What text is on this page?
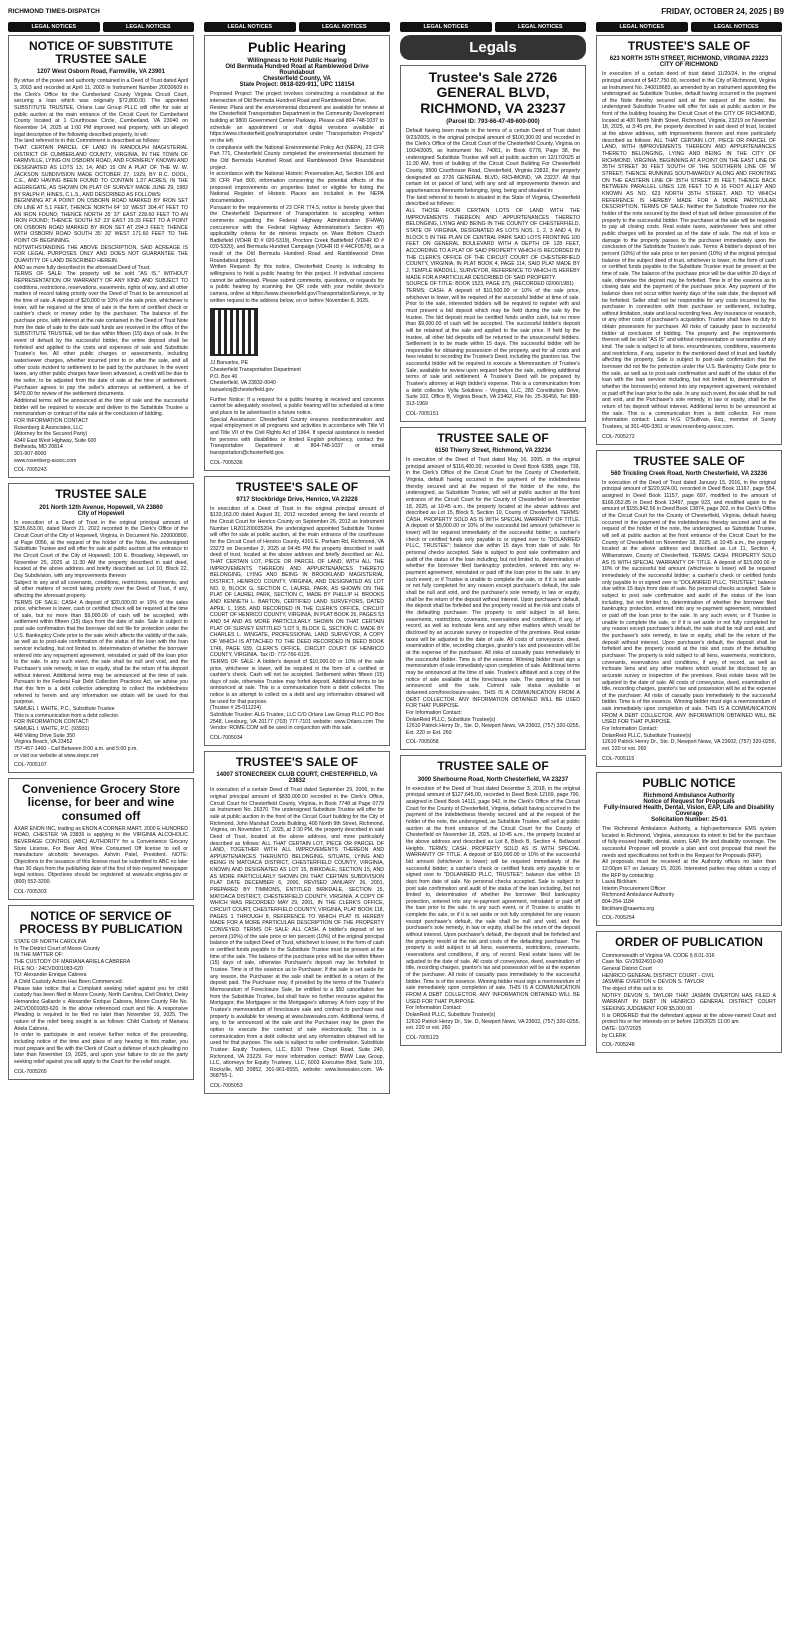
RICHMOND TIMES-DISPATCH	FRIDAY, OCTOBER 24, 2025 | B9
LEGAL NOTICES	LEGAL NOTICES
NOTICE OF SUBSTITUTE TRUSTEE SALE
1207 West Osborn Road, Farmville, VA 23901

By virtue of the power and authority contained in a Deed of Trust dated April 3, 2003 and recorded at April 11, 2003 in Instrument Number 20030609 in the Clerk's Office for the Cumberland County Virginia Circuit Court, securing a loan which was originally $72,800.00. The appointed SUBSTITUTE TRUSTEE, Orlans Law Group PLLC will offer for sale at public auction at the main entrance of the Circuit Court for Cumberland County located at 1 Courthouse Circle, Cumberland, VA 23040 on November 14, 2025 at 1:00 PM improved real property, with an alleged legal description of the following described property, to wit:
The land referred to in this Commitment is described as follows:
THAT CERTAIN PARCEL OF LAND IN RANDOLPH MAGISTERIAL DISTRICT OF CUMBERLAND COUNTY, VIRGINIA, IN THE TOWN OF FARMVILLE, LYING ON OSBORN ROAD, AND FORMERLY KNOWN AND DESIGNATED AS LOTS 13, 14, AND 15 ON A PLAT OF THE W. W. JACKSON SUBDIVISION MADE OCTOBER 27, 1929, BY R.C. DOOL, C.E., AND HAVING BEEN FOUND TO CONTAIN 1.37 ACRES, IN THE AGGREGATE, AS SHOWN ON PLAT OF SURVEY MADE JUNE 29, 1982 BY RALPH P. HINES, C.L.S., AND DESCRIBED AS FOLLOWS:
BEGINNING AT A POINT ON OSBORN ROAD MARKED BY IRON SET ON LINE AT 5.1 FEET, THENCE NORTH 64' 10' WEST 304.47 FEET TO AN IRON FOUND; THENCE NORTH 35' 37' EAST 228.60 FEET TO AN IRON FOUND; THENCE SOUTH 52' 23' EAST 29.33 FEET TO A POINT ON OSBORN ROAD MARKED BY IRON SET AT 294.3 FEET; THENCE WITH OSBORN ROAD SOUTH 35' 32' WEST 171.60 FEET TO THE POINT OF BEGINNING.
NOTWITHSTANDING THE ABOVE DESCRIPTION, SAID ACREAGE IS FOR LEGAL PURPOSES ONLY AND DOES NOT GUARANTEE THE QUANTITY OF LAND DESCRIBED HEREIN.
AND as more fully described in the aforesaid Deed of Trust.
TERMS OF SALE: The property will be sold "AS IS," WITHOUT REPRESENTATION OR WARRANTY OF ANY KIND AND SUBJECT TO conditions, restrictions, reservations, easements, rights of way, and all other matters of record taking priority over the Deed of Trust to be announced at the time of sale. A deposit of $20,000 or 10% of the sale price, whichever is lower, will be required at the time of sale in the form of certified check or cashier's check or money order by the purchaser. The balance of the purchase price, with interest at the rate contained in the Deed of Trust Note from the date of sale to the date said funds are received in the office of the SUBSTITUTE TRUSTEE, will be due within fifteen (15) days of sale. In the event of default by the successful bidder, the entire deposit shall be forfeited and applied to the costs and expenses of sale and Substitute Trustee's fee. All other public charges or assessments, including water/sewer charges, whether incurred prior to or after the sale, and all other costs incident to settlement to be paid by the purchaser. In the event taxes, any other public charges have been advanced, a credit will be due to the seller, to be adjusted from the date of sale at the time of settlement. Purchaser agrees to pay the seller's attorneys at settlement, a fee of $470.00 for review of the settlement documents.
Additional terms will be announced at the time of sale and the successful bidder will be required to execute and deliver to the Substitute Trustee a memorandum or contract of the sale at the conclusion of bidding.
FOR INFORMATION CONTACT
Rosenberg & Associates, LLC
(Attorney for the Secured Party)
4340 East West Highway, Suite 600
Bethesda, MD 20814
301-907-8000
www.rosenberg-assoc.com

COL-7005243
TRUSTEE SALE
201 North 12th Avenue, Hopewell, VA 23860
City of Hopewell

In execution of a Deed of Trust in the original principal amount of $235,653.00, dated March 21, 2022 recorded in the Clerk's Office of the Circuit Court of the City of Hopewell, Virginia, in Document No. 220000800, at Page 0056, at the request of the holder of the Note, the undersigned Substitute Trustee and will offer for sale at public auction at the entrance to the Circuit Court of the City of Hopewell, 100 E. Broadway, Hopewell, on November 25, 2025 at 11:30 AM the property described in said deed, located at the above address and briefly described as: Lot 10, Block 22, Day Subdivision, with any improvements thereon
Subject to any and all covenants, conditions, restrictions, easements, and all other matters of record taking priority over the Deed of Trust, if any, affecting the aforesaid property.
TERMS OF SALE: CASH: A deposit of $20,000.00 or 10% of the sales price, whichever is lower, cash or certified check will be required at the time of sale, but no more than $9,000.00 of cash will be accepted, with settlement within fifteen (15) days from the date of sale. Sale is subject to post sale confirmation that the borrower did not file for protection under the U.S. Bankruptcy Code prior to the sale which affects the validity of the sale, as well as to post-sale confirmation of the status of the loan with the loan servicer including, but not limited to, determination of whether the borrower entered into any repayment agreement, reinstated or paid off the loan prior to the sale. In any such event, the sale shall be null and void, and the Purchaser's sole remedy, in law or equity, shall be the return of his deposit without interest. Additional terms may be announced at the time of sale. Pursuant to the Federal Fair Debt Collection Practices Act, we advise you that this firm is a debt collector attempting to collect the indebtedness referred to herein and any information we obtain will be used for that purpose.
SAMUEL I. WHITE, P.C., Substitute Trustee
This is a communication from a debt collector.
FOR INFORMATION CONTACT:
SAMUEL I. WHITE, P.C. (93931)
448 Viking Drive Suite 350
Virginia Beach, VA 23452
757-457-1460 - Call Between 9:00 a.m. and 5:00 p.m.
or visit our website at www.siwpc.net

COL-7005107
Convenience Grocery Store license, for beer and wine consumed off

AXAR ENON INC, trading as ENON A CORNER MART, 2000 E HUNDRED ROAD, CHESTER VA 23836 is applying to the VIRGINIA ALCOHOLIC BEVERAGE CONTROL (ABC) AUTHORITY for a Convenience Grocery Store License, For Beer And Wine Consumed Off license to sell or manufacture alcoholic beverages. Ashvin Patel, President. NOTE: Objections to the issuance of this license must be submitted to ABC no later than 30 days from the publishing date of the first of two required newspaper legal notices. Objections should be registered at www.abc.virginia.gov or (800) 552-3200.

COL-7005303
NOTICE OF SERVICE OF PROCESS BY PUBLICATION

STATE OF NORTH CAROLINA
In The District Court of Moore County
IN THE MATTER OF:
THE CUSTODY OF MARIANA ARIELA CABRERA
FILE NO.: 24CVD001083-620
TO: Alexander Enrique Cabrera
A Child Custody Action Has Been Commenced:
Please take notice that a Complaint seeking relief against you for child custody has been filed in Moore County, North Carolina, Civil District, Deisy Hernandez Gallardo v. Alexander Enrique Cabrera, Moore County File No. 24CVD001083-620. In the above referenced court and file. A responsive Pleading is required to be filed no later than November 19, 2025. The nature of the relief being sought is as follows: Child Custody of Mariana Ariela Cabrera.
In order to participate in and receive further notice of the proceeding, including notice of the time and place of any hearing in this matter, you must prepare and file with the Clerk of Court a defense of such pleading no later than November 19, 2025, and upon your failure to do so the party seeking relief against you will apply to the Court for the relief sought.

COL-7005265
LEGAL NOTICES	LEGAL NOTICES
Public Hearing
Willingness to Hold Public Hearing
Old Bermuda Hundred Road at Ramblewood Drive Roundabout
Chesterfield County, VA
State Project: 0618-020-911, UPC 118154

Proposed Project: The project involves constructing a roundabout at the intersection of Old Bermuda Hundred Road and Ramblewood Drive.
Review: Plans and the environmental document are available for review at the Chesterfield Transportation Department in the Community Development building at 9800 Government Center Parkway. Please call 804-748-1037 to schedule an appointment or visit digital versions available at https://www.chesterfield.gov/transportation under "Transportation Projects" on the left.
In compliance with the National Environmental Policy Act (NEPA), 23 CFR Part 771, Chesterfield County completed the environmental document for the Old Bermuda Hundred Road and Ramblewood Drive Roundabout project.
In accordance with the National Historic Preservation Act, Section 106 and 36 CFR Part 800, information concerning the potential effects of the proposed improvements on properties listed or eligible for listing the National Register of Historic Places are included in the NEPA documentation.
Pursuant to the requirements of 23 CFR 774.5, notice is hereby given that the Chesterfield Department of Transportation is accepting written comments regarding the Federal Highway Administration (FHWA) concurrence with the Federal Highway Administration's Section 4(f) applicability criteria for de minimis impacts on Ware Bottom Church Battlefield (VDHR ID # 020-5319), Proctors Creek Battlefield (VDHR ID # 020-5320), and Bermuda Hundred Campaign (VDHR ID # 44CF0578), as a result of the Old Bermuda Hundred Road and Ramblewood Drive Roundabout project.
Written Request: By this notice, Chesterfield County is indicating its willingness to hold a public hearing for this project. If individual concerns cannot be addressed. Please submit comments, questions, or requests for a public hearing by scanning the QR code with your mobile device's camera, online at https://www.chesterfield.gov/TransportationSurveys, or by written request to the address below, on or before November 8, 2025.

JJ Banuelos, PE
Chesterfield Transportation Department
P.O. Box 40
Chesterfield, VA 23832-0040
banuelosj@chesterfield.gov

Further Notice: If a request for a public hearing is received and concerns cannot be adequately resolved, a public hearing will be scheduled at a time and place to be advertised in a future notice.
Special Assistance: Chesterfield County ensures nondiscrimination and equal employment in all programs and activities in accordance with Title VI and Title VII of the Civil Rights Act of 1964. If special assistance is needed for persons with disabilities or limited English proficiency, contact the Transportation Department at 804-748-1037 or email transportation@chesterfield.gov.

COL-7005336
TRUSTEE'S SALE OF
9717 Stockbridge Drive, Henrico, VA 23228

In execution of a Deed of Trust in the original principal amount of $133,163.00 dated August 31, 2012 recorded among the land records of the Circuit Court for Henrico County on September 26, 2012 as Instrument Number LR201200035204, the undersigned appointed Substitute Trustee will offer for sale at public auction, at the main entrance of the courthouse for the Circuit Court of Henrico County, 4301 E. Parham Rd, Richmond, VA 23273 on December 2, 2025 at 04:45 PM the property described in said deed of trust, located at the above address and briefly described as: ALL THAT CERTAIN LOT, PIECE OR PARCEL OF LAND, WITH ALL THE IMPROVEMENTS THEREON AND APPURTENANCES THERETO BELONGING, LYING AND BEING IN BROOKLAND MAGISTERIAL DISTRICT, HENRICO COUNTY, VIRGINIA, AND DESIGNATED AS LOT NO. 9, BLOCK G, SECTION C, LAUREL PARK, AS SHOWN ON THE PLAT OF LAUREL PARK, SECTION C, MADE BY PHILLIP H. BROOKS AND KENNETH L. BARTON, CERTIFIED LAND SURVEYORS, DATED APRIL 1, 1955, AND RECORDED IN THE CLERK'S OFFICE, CIRCUIT COURT OF HENRICO COUNTY, VIRGINIA, IN PLAT BOOK 26, PAGES 53 AND 54 AND AS MORE PARTICULARLY SHOWN ON THAT CERTAIN PLAT OF SURVEY ENTITLED "LOT 9, BLOCK G, SECTION C, MADE BY CHARLES L. WINGATE, PROFESSIONAL LAND SURVEYOR, A COPY OF WHICH IS ATTACHED TO THE DEED RECORDED IN DEED BOOK 1746, PAGE 939, CLERK'S OFFICE, CIRCUIT COURT OF HENRICO COUNTY, VIRGINIA. Tax ID: 772-766-6125.
TERMS OF SALE: A bidder's deposit of $10,000.00 or 10% of the sale price, whichever is lower, will be required in the form of a certified or cashier's check. Cash will not be accepted. Settlement within fifteen (15) days of sale, otherwise Trustee may forfeit deposit. Additional terms to be announced at sale. This is a communication from a debt collector. This notice is an attempt to collect on a debt and any information obtained will be used for that purpose.
(Trustee # 25-011224)
Substitute Trustee: ALG Trustee, LLC C/O Orlans Law Group PLLC PO Box 2548, Leesburg, VA 20177 (703) 777-7101 website: www.Orlans.com The Vendor: ROME.COM will be used in conjunction with this sale.

COL-7005034
TRUSTEE'S SALE OF
14007 STONECREEK CLUB COURT, CHESTERFIELD, VA 23832

In execution of a certain Deed of Trust dated September 29, 2006, in the original principal amount of $830,000.00 recorded in the Clerk's Office, Circuit Court for Chesterfield County, Virginia, in Book 7748 at Page 0779 as Instrument No. 26370. The undersigned Substitute Trustee will offer for sale at public auction in the front of the Circuit Court building for the City of Richmond, John Marshall Courts Building, 400 North 9th Street, Richmond, Virginia, on November 17, 2025, at 2:30 PM, the property described in said Deed of Trust, located at the above address, and more particularly described as follows: ALL THAT CERTAIN LOT, PIECE OR PARCEL OF LAND, TOGETHER WITH ALL IMPROVEMENTS THEREON AND APPURTENANCES THERUNTO BELONGING, SITUATE, LYING AND BEING IN MATOACA DISTRICT, CHESTERFIELD COUNTY, VIRGINIA, KNOWN AND DESIGNATED AS LOT 15, BIRKDALE, SECTION 15, AND AS MORE PARTICULARLY SHOWN ON THAT CERTAIN SUBDIVISION PLAT DATE DECEMBER 6, 2000, REVISED JANUARY 26, 2001, PREPARED BY TIMMONS, ENTITLED BIRKDALE, SECTION 15, MATOACA DISTRICT, CHESTERFIELD COUNTY, VIRGINIA. A COPY OF WHICH WAS RECORDED MAY 29, 2001, IN THE CLERK'S OFFICE, CIRCUIT COURT, CHESTERFIELD COUNTY, VIRGINIA, PLAT BOOK 118, PAGES 1 THROUGH 8, REFERENCE TO WHICH PLAT IS HEREBY MADE FOR A MORE PARTICULAR DESCRIPTION OF THE PROPERTY CONVEYED. TERMS OF SALE: ALL CASH. A bidder's deposit of ten percent (10%) of the sale price or ten percent (10%) of the original principal balance of the subject Deed of Trust, whichever is lower, in the form of cash or certified funds payable to the Substitute Trustee must be present at the time of the sale. The balance of the purchase price will be due within fifteen (15) days of sale, otherwise Purchaser's deposit may be forfeited to Trustee. Time is of the essence as to Purchaser. If the sale is set aside for any reason, the Purchaser at the sale shall be entitled to a return of the deposit paid. The Purchaser may, if provided by the terms of the Trustee's Memorandum of Foreclosure Sale, be entitled to a $50 cancellation fee from the Substitute Trustee, but shall have no further recourse against the Mortgagor, the Mortgagee or the Mortgagee's attorney. A form copy of the Trustee's memorandum of foreclosure sale and contract to purchase real property is available for viewing at www.bwwsales.com. Additional terms, if any, to be announced at the sale and the Purchaser may be given the option to execute the contract of sale electronically. This is a communication from a debt collector and any information obtained will be used for that purpose. The sale is subject to seller confirmation. Substitute Trustee: Equity Trustees, LLC, 8100 Three Chopt Road, Suite 240, Richmond, VA 23229. For more information contact: BWW Law Group, LLC, attorneys for Equity Trustees, LLC, 6003 Executive Blvd, Suite 101, Rockville, MD 20852, 301-961-6555, website: www.bwwsales.com. VA-368755-1.

COL-7005053
LEGAL NOTICES	LEGAL NOTICES
Legals
Trustee's Sale 2726 GENERAL BLVD, RICHMOND, VA 23237
(Parcel ID: 793-66-47-49-600-000)

Default having been made in the terms of a certain Deed of Trust dated 9/23/2005, in the original principal amount of $100,300.00 and recorded in the Clerk's Office of the Circuit Court of the Chesterfield County, Virginia on 10/24/2005, as Instrument No. 74061, in Book 6778, Page 38, the undersigned Substitute Trustee will sell at public auction on 12/17/2025 at 11:30 AM, front of building of the Circuit Court Building For Chesterfield County, 9500 Courthouse Road, Chesterfield, Virginia 23832, the property designated as 2726 GENERAL BLVD, RICHMOND, VA 23237. All that certain lot or parcel of land, with any and all improvements thereon and appurtenances thereunto belonging, lying, being and situated in:
The land referred to herein is situated in the State of Virginia, Chesterfield described as follows:
ALL THOSE FOUR CERTAIN LOTS OF LAND WITH THE IMPROVEMENTS THEREON AND APPURTENANCES THERETO BELONGING, LYING AND BEING IN THE COUNTY OF CHESTERFIELD, STATE OF VIRGINIA, DESIGNATED AS LOTS NOS. 1, 2, 3 AND 4, IN BLOCK 5 IN THE PLAN OF CENTRAL PARK SAID LOTS FRONTING 100 FEET ON GENERAL BOULEVARD WITH A DEPTH OF 128 FEET, ACCORDING TO A PLAT OF SAID PROPERTY WHICH IS RECORDED IN THE CLERK'S OFFICE OF THE CIRCUIT COURT OF CHESTERFIELD COUNTY, VIRGINIA, IN PLAT BOOK 4, PAGE 114, SAID PLAT MADE BY J. TEMPLE WADDILL, SURVEYOR, REFERENCE TO WHICH IS HEREBY MADE FOR A PARTICULAR DESCRIBED OF SAID PROPERTY.
SOURCE OF TITLE: BOOK 1523, PAGE 375, (RECORDED 02/06/1981)
TERMS: CASH. A deposit of $10,500.00 or 10% of the sale price, whichever is lower, will be required of the successful bidder at time of sale. Prior to the sale, interested bidders will be required to register with and must present a bid deposit which may be held during the sale by the trustee. The bid deposit must be certified funds and/or cash, but no more than $9,000.00 of cash will be accepted. The successful bidder's deposit will be retained at the sale and applied to the sale price. If held by the trustee, all other bid deposits will be returned to the unsuccessful bidders. Settlement is to be made within 15 days. The successful bidder will be responsible for obtaining possession of the property, and for all costs and fees related to recording the Trustee's Deed, including the grantors tax. The successful bidder will be required to execute a Memorandum of Trustee's Sale, available for review upon request before the sale, outlining additional terms of sale and settlement. A Trustee's Deed will be prepared by Trustee's attorney at High bidder's expense. This is a communication from a debt collector. Vylla Solutions - Virginia, LLC, 283 Constitution Drive, Suite 102, Office B, Virginia Beach, VA 23462, File No. 25-36456, Tel: 888-313-1969

COL-7005151
TRUSTEE SALE OF
6150 Thierry Street, Richmond, VA 23234

In execution of the Deed of Trust dated May 16, 2005, in the original principal amount of $116,400.00, recorded in Deed Book 6388, page 739, in the Clerk's Office of the Circuit Court for the County of Chesterfield, Virginia, default having occurred in the payment of the indebtedness thereby secured and at the request of the holder of the note, the undersigned, as Substitute Trustee, will sell at public auction at the front entrance of the Circuit Court for the County of Chesterfield on November 18, 2025, at 10:45 a.m., the property located at the above address and described as Lot 15, Block 5, Section 10, County of Chesterfield. TERMS: CASH. PROPERTY SOLD AS IS WITH SPECIAL WARRANTY OF TITLE. A deposit of $5,000.00 or 10% of the successful bid amount (whichever is lower) will be required immediately of the successful bidder; a cashier's check or certified funds only payable to or signed over to "DOLANREID PLLC, TRUSTEE"; balance due within 15 days from date of sale. No personal checks accepted. Sale is subject to post sale confirmation and audit of the status of the loan including, but not limited to, determination of whether the borrower filed bankruptcy protection, entered into any re-payment agreement, reinstated or paid off the loan prior to the sale. In any such event, or if Trustee is unable to complete the sale, or if it is set aside or not fully completed for any reason except purchaser's default, the sale shall be null and void, and the purchaser's sole remedy, in law or equity, shall be the return of the deposit without interest. Upon purchaser's default, the deposit shall be forfeited and the property resold at the risk and costs of the defaulting purchaser. The property is sold subject to all liens, easements, restrictions, covenants, reservations and conditions, if any, of record, as well as inchoate liens and any other matters which would be disclosed by an accurate survey or inspection of the premises. Real estate taxes will be adjusted to the date of sale. All costs of conveyance, deed, examination of title, recording charges, grantor's tax and possession will be at the expense of the purchaser. All risks of casualty pass immediately to the successful bidder. Time is of the essence. Winning bidder must sign a memorandum of sale immediately upon completion of sale. Additional terms may be announced at the time of sale. Trustee's affidavit and a copy of the notice of sale available at the foreclosure sale. The opening bid is not announced until the sale. Current sale status available at dolanreid.com/foreclosure-sales. THIS IS A COMMUNICATION FROM A DEBT COLLECTOR. ANY INFORMATION OBTAINED WILL BE USED FOR THAT PURPOSE.
For Information Contact:
DolanReid PLLC, Substitute Trustee(s)
12610 Patrick Henry Dr., Ste. D, Newport News, VA 23602, (757) 320-0255, Ext. 220 or Ext. 260

COL-7005058
TRUSTEE SALE OF
3000 Sherbourne Road, North Chesterfield, VA 23237

In execution of the Deed of Trust dated December 3, 2018, in the original principal amount of $127,645.00, recorded in Deed Book 12169, page 790, assigned in Deed Book 14111, page 942, in the Clerk's Office of the Circuit Court for the County of Chesterfield, Virginia, default having occurred in the payment of the indebtedness thereby secured and at the request of the holder of the note, the undersigned, as Substitute Trustee, will sell at public auction at the front entrance of the Circuit Court for the County of Chesterfield on November 18, 2025, at 10:45 a.m., the property located at the above address and described as Lot 8, Block B, Section 4, Bellwood Heights. TERMS: CASH. PROPERTY SOLD AS IS WITH SPECIAL WARRANTY OF TITLE. A deposit of $10,000.00 or 10% of the successful bid amount (whichever is lower) will be required immediately of the successful bidder; a cashier's check or certified funds only payable to or signed over to "DOLANREID PLLC, TRUSTEE"; balance due within 15 days from date of sale. No personal checks accepted. Sale is subject to post sale confirmation and audit of the status of the loan including, but not limited to, determination of whether the borrower filed bankruptcy protection, entered into any re-payment agreement, reinstated or paid off the loan prior to the sale. In any such event, or if Trustee is unable to complete the sale, or if it is set aside or not fully completed for any reason except purchaser's default, the sale shall be null and void, and the purchaser's sole remedy, in law or equity, shall be the return of the deposit without interest. Upon purchaser's default, the deposit shall be forfeited and the property resold at the risk and costs of the defaulting purchaser. The property is sold subject to all liens, easements, restrictions, covenants, reservations and conditions, if any, of record. Real estate taxes will be adjusted to the date of sale. All costs of conveyance, deed, examination of title, recording charges, grantor's tax and possession will be at the expense of the purchaser. All risks of casualty pass immediately to the successful bidder. Time is of the essence. Winning bidder must sign a memorandum of sale immediately upon completion of sale. THIS IS A COMMUNICATION FROM A DEBT COLLECTOR. ANY INFORMATION OBTAINED WILL BE USED FOR THAT PURPOSE.
For Information Contact:
DolanReid PLLC, Substitute Trustee(s)
12610 Patrick Henry Dr., Ste. D, Newport News, VA 23602, (757) 320-0255, ext. 220 or ext. 260

COL-7005123
LEGAL NOTICES	LEGAL NOTICES
TRUSTEE'S SALE OF
623 NORTH 35TH STREET, RICHMOND, VIRGINIA 23223
CITY OF RICHMOND

In execution of a certain deed of trust dated 11/20/24, in the original principal amount of $437,750.00, recorded in the City of Richmond, Virginia as Instrument No. 240018683, as amended by an instrument appointing the undersigned as Substitute Trustee, default having occurred in the payment of the Note thereby secured and at the request of the holder, the undersigned Substitute Trustee will offer for sale at public auction in the front of the building housing the Circuit Court of the CITY OF RICHMOND, located at 400 North Ninth Street, Richmond, Virginia, 23219 on November 18, 2025, at 3:45 pm, the property described in said deed of trust, located at the above address, with improvements thereon and more particularly described as follows: ALL THAT CERTAIN LOT, PIECE OR PARCEL OF LAND, WITH IMPROVEMENTS THEREON AND APPURTENANCES THERETO BELONGING, LYING AND BEING IN THE CITY OF RICHMOND, VIRGINIA, BEGINNING AT A POINT ON THE EAST LINE OF 35TH STREET 30 FEET SOUTH OF THE SOUTHERN LINE OF 'M' STREET; THENCE RUNNING SOUTHWARDLY ALONG AND FRONTING ON THE EASTERN LINE OF 35TH STREET 35 FEET; THENCE BACK BETWEEN PARALLEL LINES 128 FEET TO A 16 FOOT ALLEY AND KNOWN AS NO. 623 NORTH 35TH STREET, AND TO WHICH REFERENCE IS HEREBY MADE FOR A MORE PARTICULAR DESCRIPTION. TERMS OF SALE: Neither the Substitute Trustee nor the holder of the note secured by the deed of trust will deliver possession of the property to the successful bidder. The purchaser at the sale will be required to pay all closing costs. Real estate taxes, water/sewer fees and other public charges will be prorated as of the date of sale. The risk of loss or damage to the property passes to the purchaser immediately upon the conclusion of the Substitute Trustee's sale. Terms: A bidder's deposit of ten percent (10%) of the sale price or ten percent (10%) of the original principal balance of the subject deed of trust, whichever is lower, in the form of cash or certified funds payable to the Substitute Trustee must be present at the time of sale. The balance of the purchase price will be due within 20 days of sale, otherwise the deposit may be forfeited. Time is of the essence as to closing date and the payment of the purchase price. Any payment of the balance does not occur within twenty days of the sale date, the deposit will be forfeited. Seller shall not be responsible for any costs incurred by the purchaser in connection with their purchase or settlement, including, without limitation, state and local recording fees. Any insurance or research, or any other costs of purchaser's acquisition. Trustee shall have no duty to obtain possession for purchaser. All risks of casualty pass to successful bidder at conclusion of bidding. The property and the improvements thereon will be sold "AS IS" and without representation or warranties of any kind. The sale is subject to all liens, encumbrances, conditions, easements and restrictions, if any, superior to the mentioned deed of trust and lawfully affecting the property. Sale is subject to post-sale confirmation that the borrower did not file for protection under the U.S. Bankruptcy Code prior to the sale, as well as to post-sale confirmation and audit of the status of the loan with the loan servicer including, but not limited to, determination of whether the borrower(s) entered into any repayment agreement, reinstated or paid off the loan prior to the sale. In any such event, the sale shall be null and void, and the Purchaser's sole remedy, in law or equity, shall be the return of his deposit without interest. Additional terms to be announced at the sale. This is a communication from a debt collector. For more information contact: Laura H.G. O'Sullivan, Esq., member of Surety Trustees, at 301-490-3361 or www.rosenberg-assoc.com.

COL-7005272
TRUSTEE SALE OF
560 Trickling Creek Road, North Chesterfield, VA 23236

In execution of the Deed of Trust dated January 15, 2016, in the original principal amount of $220,924.00, recorded in Deed Book 11167, page 554, assigned in Deed Book 11157, page 697, modified to the amount of $166,052.85 in Deed Book 13497, page 923, and modified again to the amount of $155,842.56 in Deed Book 13874, page 302, in the Clerk's Office of the Circuit Court for the County of Chesterfield, Virginia, default having occurred in the payment of the indebtedness thereby secured and at the request of the holder of the note, the undersigned, as Substitute Trustee, will sell at public auction at the front entrance of the Circuit Court for the County of Chesterfield on November 18, 2025, at 10:45 a.m., the property located at the above address and described as Lot 11, Section 4, Williamstown, County of Chesterfield. TERMS: CASH. PROPERTY SOLD AS IS WITH SPECIAL WARRANTY OF TITLE. A deposit of $15,000.00 or 10% of the successful bid amount (whichever is lower) will be required immediately of the successful bidder; a cashier's check or certified funds only payable to or signed over to "DOLANREID PLLC, TRUSTEE"; balance due within 15 days from date of sale. No personal checks accepted. Sale is subject to post sale confirmation and audit of the status of the loan including, but not limited to, determination of whether the borrower filed bankruptcy protection, entered into any re-payment agreement, reinstated or paid off the loan prior to the sale. In any such event, or if Trustee is unable to complete the sale, or if it is set aside or not fully completed for any reason except purchaser's default, the sale shall be null and void, and the purchaser's sole remedy, in law or equity, shall be the return of the deposit without interest. Upon purchaser's default, the deposit shall be forfeited and the property resold at the risk and costs of the defaulting purchaser. The property is sold subject to all liens, easements, restrictions, covenants, reservations and conditions, if any, of record, as well as inchoate liens and any other matters which would be disclosed by an accurate survey or inspection of the premises. Real estate taxes will be adjusted to the date of sale. All costs of conveyance, deed, examination of title, recording charges, grantor's tax and possession will be at the expense of the purchaser. All risks of casualty pass immediately to the successful bidder. Time is of the essence. Winning bidder must sign a memorandum of sale immediately upon completion of sale. THIS IS A COMMUNICATION FROM A DEBT COLLECTOR. ANY INFORMATION OBTAINED WILL BE USED FOR THAT PURPOSE.
For Information Contact:
DolanReid PLLC, Substitute Trustee(s)
12610 Patrick Henry Dr., Ste. D, Newport News, VA 23602, (757) 320-0255, ext. 220 or ext. 260

COL-7005115
PUBLIC NOTICE
Richmond Ambulance Authority
Notice of Request for Proposals
Fully-Insured Health, Dental, Vision, EAP, Life and Disability Coverage
Solicitation Number: 25-01

The Richmond Ambulance Authority, a high-performance EMS system located in Richmond, Virginia, announces its intent to bid for the purchase of fully-insured health, dental, vision, EAP, life and disability coverage. The successful Proposer will provide a plan and cost proposal that meet the needs and specifications set forth in the Request for Proposals (RFP).
All proposals must be received at the Authority offices no later than 12:00pm ET on January 15, 2026. Interested parties may obtain a copy of the RFP by contacting:
Laura Bickham
Interim Procurement Officer
Richmond Ambulance Authority
804-254-1184
lbickham@raaems.org

COL-7005254
ORDER OF PUBLICATION

Commonwealth of Virginia VA. CODE § 8.01-316
Case No. GV25024910-00
General District Court
HENRICO GENERAL DISTRICT COURT - CIVIL
JASMINE OVERTON v. DEVON S. TAYLOR
The object of this suit is to:
NOTIFY DEVON S. TAYLOR THAT JASMIN OVERTON HAS FILED A WARRANT IN DEBT IN HENRICO GENERAL DISTRICT COURT SEEKING JUDGMENT FOR $5,000.00
It is ORDERED that the defendant appear at the above-named Court and protect his or her interests on or before 12/5/2025 11:00 am
DATE: 10/7/2025
by CLERK

COL-7005248
